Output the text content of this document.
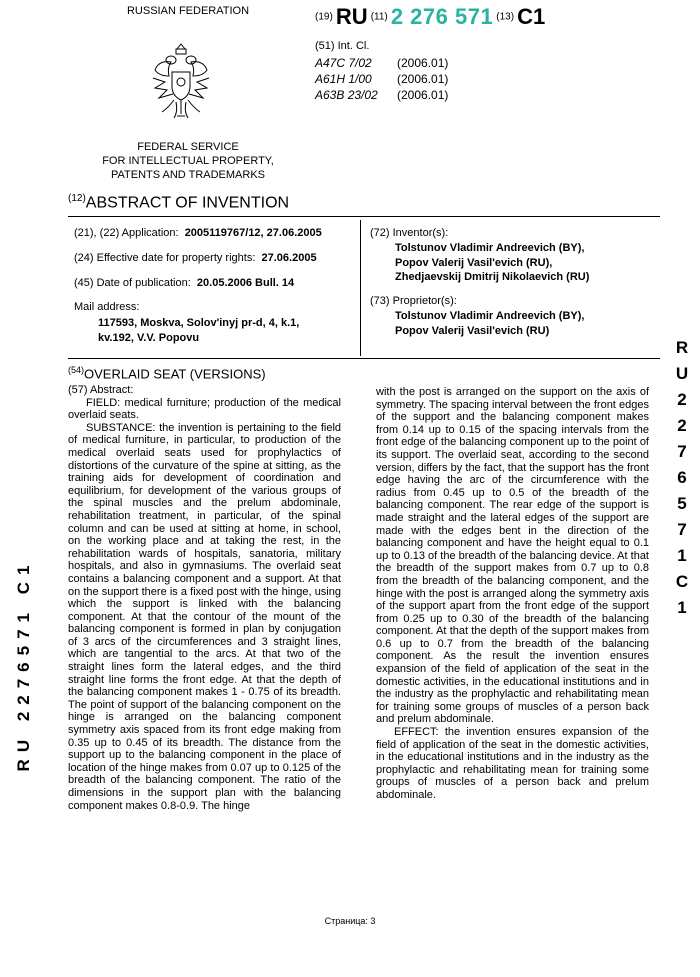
RUSSIAN FEDERATION
FEDERAL SERVICE
FOR INTELLECTUAL PROPERTY,
PATENTS AND TRADEMARKS
$^{(19)}$ RU $^{(11)}$ 2 276 571 $^{(13)}$ C1
(51) Int. Cl.
A47C 7/02 (2006.01)
A61H 1/00 (2006.01)
A63B 23/02 (2006.01)
$^{(12)}$ABSTRACT OF INVENTION
(21), (22) Application: 2005119767/12, 27.06.2005
(24) Effective date for property rights: 27.06.2005
(45) Date of publication: 20.05.2006 Bull. 14
Mail address:
117593, Moskva, Solov'inyj pr-d, 4, k.1,
kv.192, V.V. Popovu
(72) Inventor(s):
Tolstunov Vladimir Andreevich (BY),
Popov Valerij Vasil'evich (RU),
Zhedjaevskij Dmitrij Nikolaevich (RU)
(73) Proprietor(s):
Tolstunov Vladimir Andreevich (BY),
Popov Valerij Vasil'evich (RU)
RU 2276571 C1
RU 2276571 C1
$^{(54)}$OVERLAID SEAT (VERSIONS)

(57) Abstract:

FIELD: medical furniture; production of the medical overlaid seats.

SUBSTANCE: the invention is pertaining to the field of medical furniture, in particular, to production of the medical overlaid seats used for prophylactics of distortions of the curvature of the spine at sitting, as the training aids for development of coordination and equilibrium, for development of the various groups of the spinal muscles and the prelum abdominale, rehabilitation treatment, in particular, of the spinal column and can be used at sitting at home, in school, on the working place and at taking the rest, in the rehabilitation wards of hospitals, sanatoria, military hospitals, and also in gymnasiums. The overlaid seat contains a balancing component and a support. At that on the support there is a fixed post with the hinge, using which the support is linked with the balancing component. At that the contour of the mount of the balancing component is formed in plan by conjugation of 3 arcs of the circumferences and 3 straight lines, which are tangential to the arcs. At that two of the straight lines form the lateral edges, and the third straight line forms the front edge. At that the depth of the balancing component makes 1 - 0.75 of its breadth. The point of support of the balancing component on the hinge is arranged on the balancing component symmetry axis spaced from its front edge making from 0.35 up to 0.45 of its breadth. The distance from the support up to the balancing component in the place of location of the hinge makes from 0.07 up to 0.125 of the breadth of the balancing component. The ratio of the dimensions in the support plan with the balancing component makes 0.8-0.9. The hinge

with the post is arranged on the support on the axis of symmetry. The spacing interval between the front edges of the support and the balancing component makes from 0.14 up to 0.15 of the spacing intervals from the front edge of the balancing component up to the point of its support. The overlaid seat, according to the second version, differs by the fact, that the support has the front edge having the arc of the circumference with the radius from 0.45 up to 0.5 of the breadth of the balancing component. The rear edge of the support is made straight and the lateral edges of the support are made with the edges bent in the direction of the balancing component and have the height equal to 0.1 up to 0.13 of the breadth of the balancing device. At that the breadth of the support makes from 0.7 up to 0.8 from the breadth of the balancing component, and the hinge with the post is arranged along the symmetry axis of the support apart from the front edge of the support from 0.25 up to 0.30 of the breadth of the balancing component. At that the depth of the support makes from 0.6 up to 0.7 from the breadth of the balancing component. As the result the invention ensures expansion of the field of application of the seat in the domestic activities, in the educational institutions and in the industry as the prophylactic and rehabilitating mean for training some groups of muscles of a person back and prelum abdominale.

EFFECT: the invention ensures expansion of the field of application of the seat in the domestic activities, in the educational institutions and in the industry as the prophylactic and rehabilitating mean for training some groups of muscles of a person back and prelum abdominale.

Страница: 3
